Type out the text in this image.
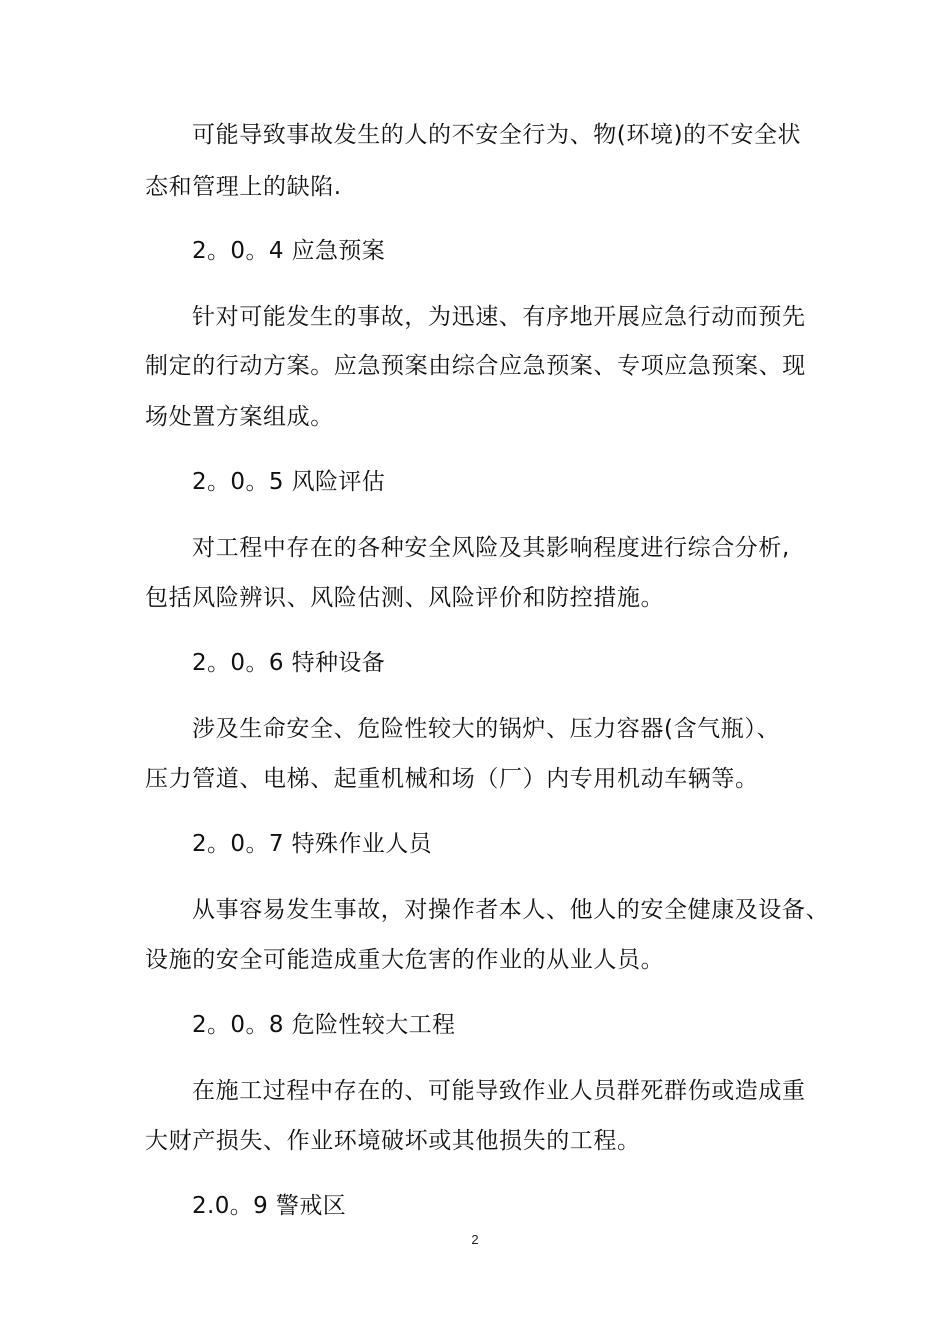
可能导致事故发生的人的不安全行为、物(环境)的不安全状
态和管理上的缺陷.
2。0。4 应急预案
针对可能发生的事故，为迅速、有序地开展应急行动而预先
制定的行动方案。应急预案由综合应急预案、专项应急预案、现
场处置方案组成。
2。0。5 风险评估
对工程中存在的各种安全风险及其影响程度进行综合分析,
包括风险辨识、风险估测、风险评价和防控措施。
2。0。6 特种设备
涉及生命安全、危险性较大的锅炉、压力容器(含气瓶）、
压力管道、电梯、起重机械和场（厂）内专用机动车辆等。
2。0。7 特殊作业人员
从事容易发生事故，对操作者本人、他人的安全健康及设备、
设施的安全可能造成重大危害的作业的从业人员。
2。0。8 危险性较大工程
在施工过程中存在的、可能导致作业人员群死群伤或造成重
大财产损失、作业环境破坏或其他损失的工程。
2.0。9 警戒区
2
